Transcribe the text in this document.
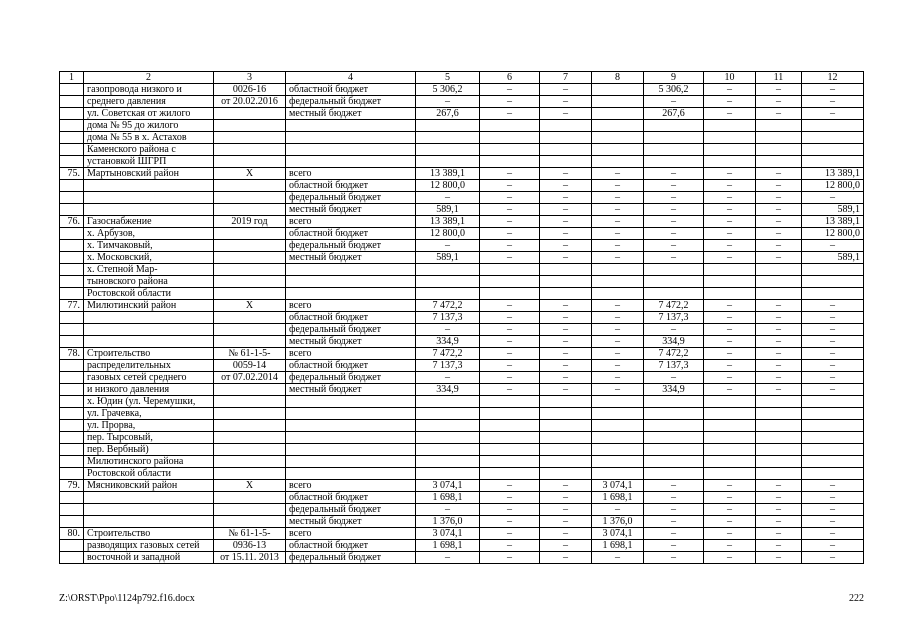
1	2	3	4	5	6	7	8	9	10	11	12
	газопровода низкого и	0026-16	областной бюджет	5 306,2	–	–		5 306,2	–	–	–
	среднего давления	от 20.02.2016	федеральный бюджет	–	–	–		–	–	–	–
	ул. Советская от жилого		местный бюджет	267,6	–	–		267,6	–	–	–
	дома № 95 до жилого										
	дома № 55 в х. Астахов										
	Каменского района с										
	установкой ШГРП										
75.	Мартыновский район	Х	всего	13 389,1	–	–	–	–	–	–	13 389,1
			областной бюджет	12 800,0	–	–	–	–	–	–	12 800,0
			федеральный бюджет	–	–	–	–	–	–	–	–
			местный бюджет	589,1	–	–	–	–	–	–	589,1
76.	Газоснабжение	2019 год	всего	13 389,1	–	–	–	–	–	–	13 389,1
	х. Арбузов,		областной бюджет	12 800,0	–	–	–	–	–	–	12 800,0
	х. Тимчаковый,		федеральный бюджет	–	–	–	–	–	–	–	–
	х. Московский,		местный бюджет	589,1	–	–	–	–	–	–	589,1
	х. Степной Мар-										
	тыновского района										
	Ростовской области										
77.	Милютинский район	Х	всего	7 472,2	–	–	–	7 472,2	–	–	–
			областной бюджет	7 137,3	–	–	–	7 137,3	–	–	–
			федеральный бюджет	–	–	–	–	–	–	–	–
			местный бюджет	334,9	–	–	–	334,9	–	–	–
78.	Строительство	№ 61-1-5-	всего	7 472,2	–	–	–	7 472,2	–	–	–
	распределительных	0059-14	областной бюджет	7 137,3	–	–	–	7 137,3	–	–	–
	газовых сетей среднего	от 07.02.2014	федеральный бюджет	–	–	–	–	–	–	–	–
	и низкого давления		местный бюджет	334,9	–	–	–	334,9	–	–	–
	х. Юдин (ул. Черемушки,										
	ул. Грачевка,										
	ул. Прорва,										
	пер. Тырсовый,										
	пер. Вербный)										
	Милютинского района										
	Ростовской области										
79.	Мясниковский район	Х	всего	3 074,1	–	–	3 074,1	–	–	–	–
			областной бюджет	1 698,1	–	–	1 698,1	–	–	–	–
			федеральный бюджет	–	–	–	–	–	–	–	–
			местный бюджет	1 376,0	–	–	1 376,0	–	–	–	–
80.	Строительство	№ 61-1-5-	всего	3 074,1	–	–	3 074,1	–	–	–	–
	разводящих газовых сетей	0936-13	областной бюджет	1 698,1	–	–	1 698,1	–	–	–	–
	восточной и западной	от 15.11. 2013	федеральный бюджет	–	–	–	–	–	–	–	–
Z:\ORST\Ppo\1124p792.f16.docx	222
